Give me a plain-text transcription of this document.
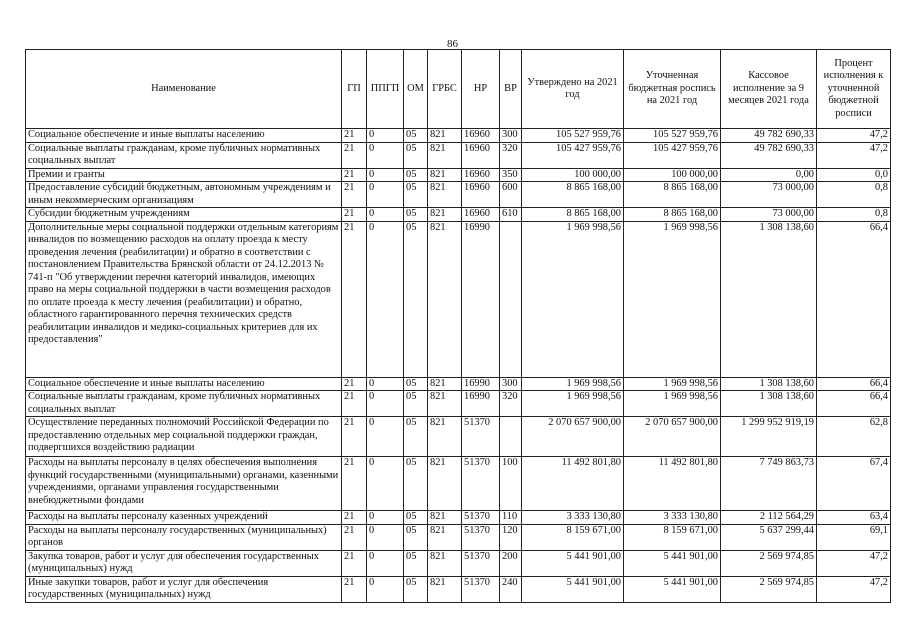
86
Наименование	ГП	ППГП	ОМ	ГРБС	НР	ВР	Утверждено на 2021 год	Уточненная бюджетная роспись на 2021 год	Кассовое исполнение за 9 месяцев 2021 года	Процент исполнения к уточненной бюджетной росписи
Социальное обеспечение и иные выплаты населению	21	0	05	821	16960	300	105 527 959,76	105 527 959,76	49 782 690,33	47,2
Социальные выплаты гражданам, кроме публичных нормативных социальных выплат	21	0	05	821	16960	320	105 427 959,76	105 427 959,76	49 782 690,33	47,2
Премии и гранты	21	0	05	821	16960	350	100 000,00	100 000,00	0,00	0,0
Предоставление субсидий бюджетным, автономным учреждениям и иным некоммерческим организациям	21	0	05	821	16960	600	8 865 168,00	8 865 168,00	73 000,00	0,8
Субсидии бюджетным учреждениям	21	0	05	821	16960	610	8 865 168,00	8 865 168,00	73 000,00	0,8
Дополнительные меры социальной поддержки отдельным категориям инвалидов по возмещению расходов на оплату проезда к месту проведения лечения (реабилитации) и обратно в соответствии с постановлением Правительства Брянской области от 24.12.2013 № 741-п "Об утверждении перечня категорий инвалидов, имеющих право на меры социальной поддержки в части возмещения расходов по оплате проезда к месту лечения (реабилитации) и обратно, областного гарантированного перечня технических средств реабилитации инвалидов и медико-социальных критериев для их предоставления"	21	0	05	821	16990		1 969 998,56	1 969 998,56	1 308 138,60	66,4
Социальное обеспечение и иные выплаты населению	21	0	05	821	16990	300	1 969 998,56	1 969 998,56	1 308 138,60	66,4
Социальные выплаты гражданам, кроме публичных нормативных социальных выплат	21	0	05	821	16990	320	1 969 998,56	1 969 998,56	1 308 138,60	66,4
Осуществление переданных полномочий Российской Федерации по предоставлению отдельных мер социальной поддержки граждан, подвергшихся воздействию радиации	21	0	05	821	51370		2 070 657 900,00	2 070 657 900,00	1 299 952 919,19	62,8
Расходы на выплаты персоналу в целях обеспечения выполнения функций государственными (муниципальными) органами, казенными учреждениями, органами управления государственными внебюджетными фондами	21	0	05	821	51370	100	11 492 801,80	11 492 801,80	7 749 863,73	67,4
Расходы на выплаты персоналу казенных учреждений	21	0	05	821	51370	110	3 333 130,80	3 333 130,80	2 112 564,29	63,4
Расходы на выплаты персоналу государственных (муниципальных) органов	21	0	05	821	51370	120	8 159 671,00	8 159 671,00	5 637 299,44	69,1
Закупка товаров, работ и услуг для обеспечения государственных (муниципальных) нужд	21	0	05	821	51370	200	5 441 901,00	5 441 901,00	2 569 974,85	47,2
Иные закупки товаров, работ и услуг для обеспечения государственных (муниципальных) нужд	21	0	05	821	51370	240	5 441 901,00	5 441 901,00	2 569 974,85	47,2
